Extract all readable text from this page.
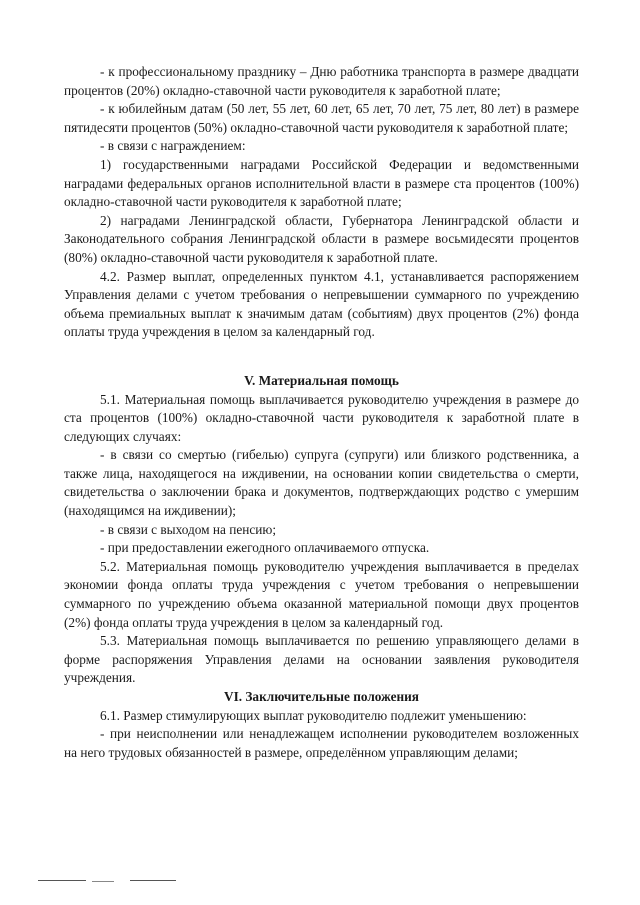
- к профессиональному празднику – Дню работника транспорта в размере двадцати процентов (20%) окладно-ставочной части руководителя к заработной плате;

- к юбилейным датам (50 лет, 55 лет, 60 лет, 65 лет, 70 лет, 75 лет, 80 лет) в размере пятидесяти процентов (50%) окладно-ставочной части руководителя к заработной плате;

- в связи с награждением:

1) государственными наградами Российской Федерации и ведомственными наградами федеральных органов исполнительной власти в размере ста процентов (100%) окладно-ставочной части руководителя к заработной плате;

2) наградами Ленинградской области, Губернатора Ленинградской области и Законодательного собрания Ленинградской области в размере восьмидесяти процентов (80%) окладно-ставочной части руководителя к заработной плате.

4.2. Размер выплат, определенных пунктом 4.1, устанавливается распоряжением Управления делами с учетом требования о непревышении суммарного по учреждению объема премиальных выплат к значимым датам (событиям) двух процентов (2%) фонда оплаты труда учреждения в целом за календарный год.

V. Материальная помощь

5.1. Материальная помощь выплачивается руководителю учреждения в размере до ста процентов (100%) окладно-ставочной части руководителя к заработной плате в следующих случаях:

- в связи со смертью (гибелью) супруга (супруги) или близкого родственника, а также лица, находящегося на иждивении, на основании копии свидетельства о смерти, свидетельства о заключении брака и документов, подтверждающих родство с умершим (находящимся на иждивении);

- в связи с выходом на пенсию;

- при предоставлении ежегодного оплачиваемого отпуска.

5.2. Материальная помощь руководителю учреждения выплачивается в пределах экономии фонда оплаты труда учреждения с учетом требования о непревышении суммарного по учреждению объема оказанной материальной помощи двух процентов (2%) фонда оплаты труда учреждения в целом за календарный год.

5.3. Материальная помощь выплачивается по решению управляющего делами в форме распоряжения Управления делами на основании заявления руководителя учреждения.

VI. Заключительные положения

6.1. Размер стимулирующих выплат руководителю подлежит уменьшению:

- при неисполнении или ненадлежащем исполнении руководителем возложенных на него трудовых обязанностей в размере, определённом управляющим делами;
